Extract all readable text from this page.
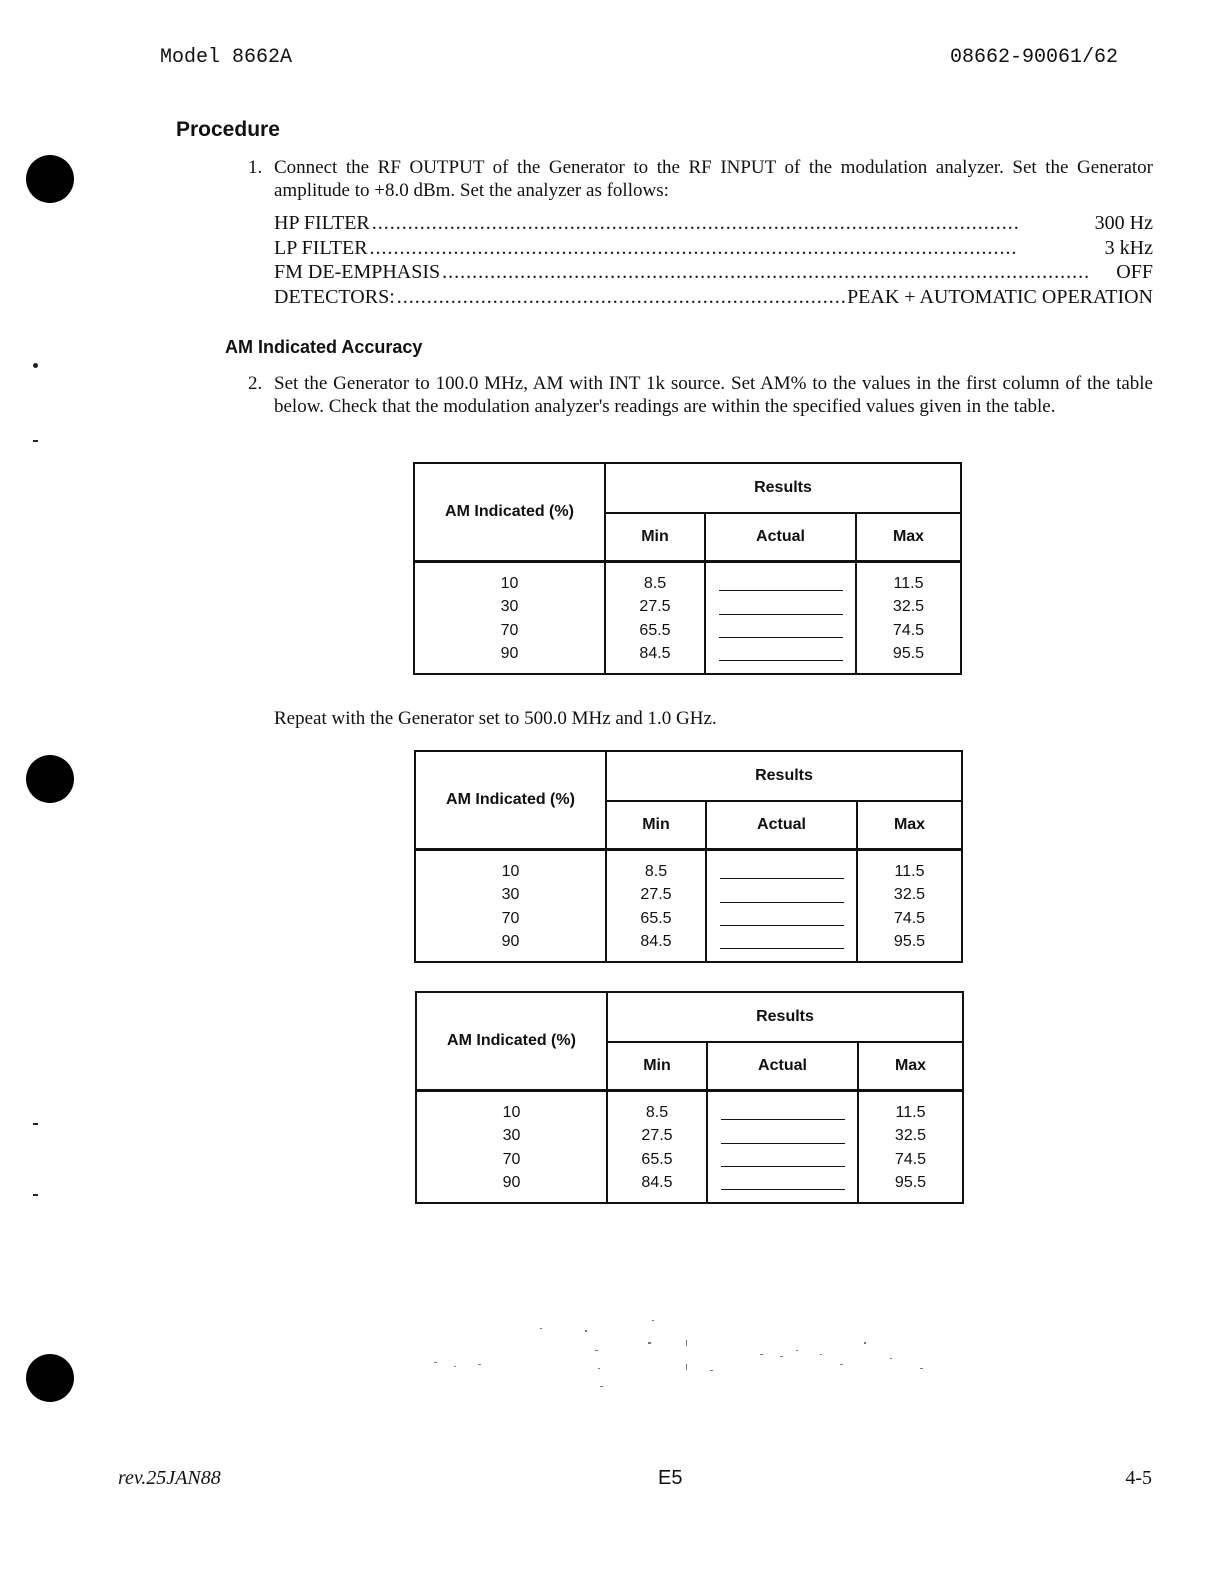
Model 8662A	08662-90061/62
Procedure
1. Connect the RF OUTPUT of the Generator to the RF INPUT of the modulation analyzer. Set the Generator amplitude to +8.0 dBm. Set the analyzer as follows:
HP FILTER . . .	300 Hz
LP FILTER . . .	3 kHz
FM DE-EMPHASIS . . .	OFF
DETECTORS: . . .	PEAK + AUTOMATIC OPERATION
AM Indicated Accuracy
2. Set the Generator to 100.0 MHz, AM with INT 1k source. Set AM% to the values in the first column of the table below. Check that the modulation analyzer's readings are within the specified values given in the table.
AM Indicated (%)	Results		
	Min	Actual	Max
10	8.5		11.5
30	27.5		32.5
70	65.5		74.5
90	84.5		95.5
Repeat with the Generator set to 500.0 MHz and 1.0 GHz.
AM Indicated (%)	Results		
	Min	Actual	Max
10	8.5		11.5
30	27.5		32.5
70	65.5		74.5
90	84.5		95.5
AM Indicated (%)	Results		
	Min	Actual	Max
10	8.5		11.5
30	27.5		32.5
70	65.5		74.5
90	84.5		95.5
rev.25JAN88	E5	4-5
